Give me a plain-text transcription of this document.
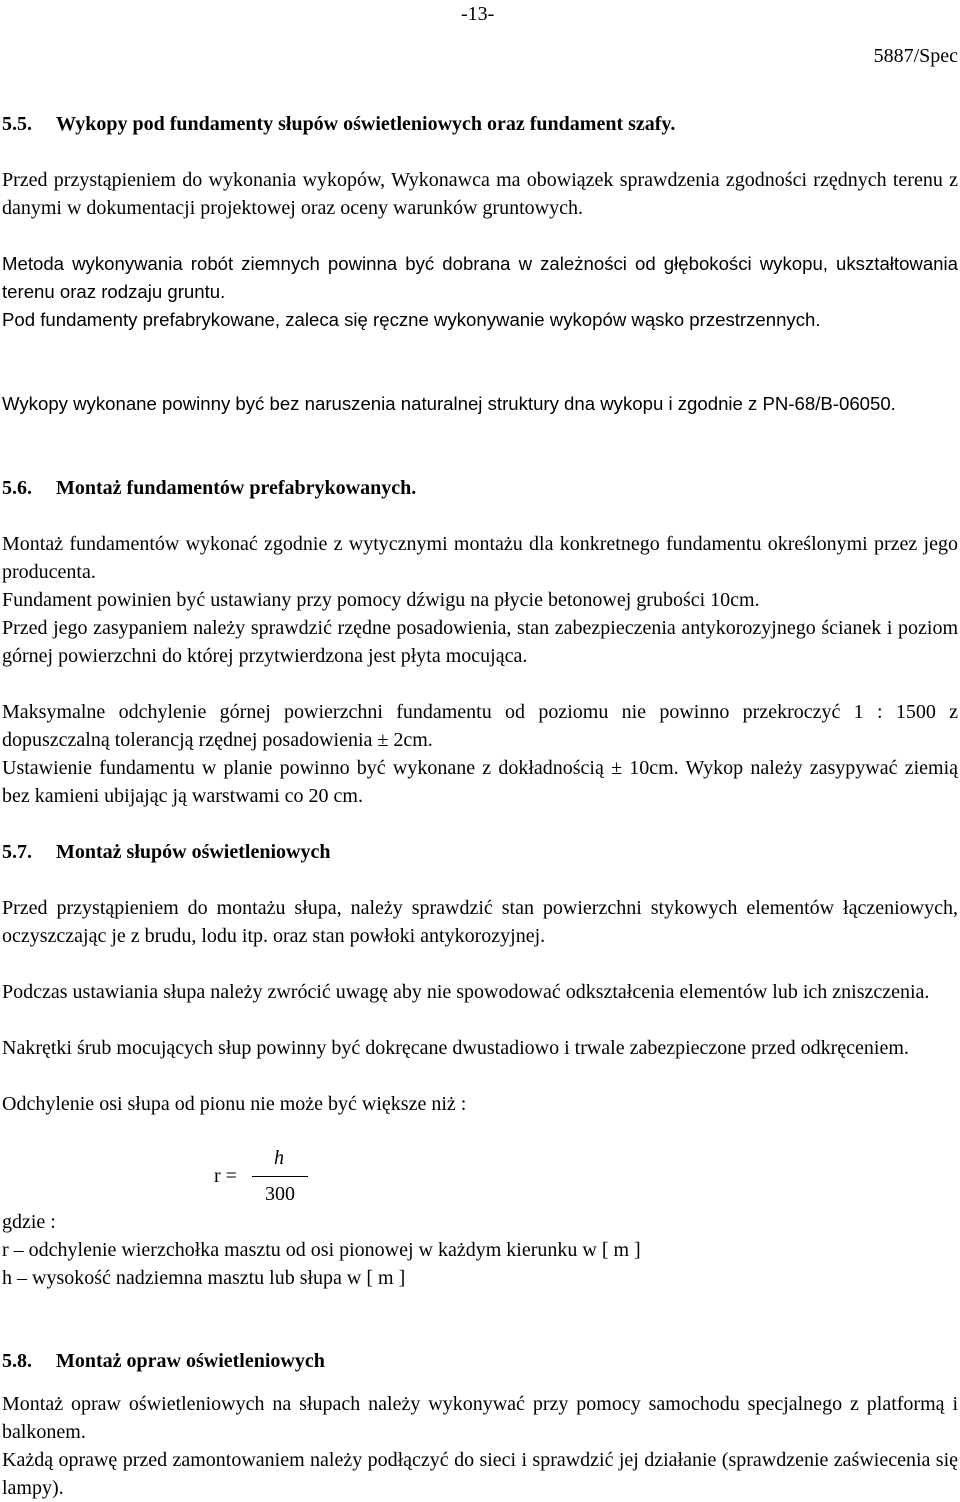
-13-
5887/Spec
5.5. Wykopy pod fundamenty słupów oświetleniowych oraz fundament szafy.
Przed przystąpieniem do wykonania wykopów, Wykonawca ma obowiązek sprawdzenia zgodności rzędnych terenu z danymi w dokumentacji projektowej oraz oceny warunków gruntowych.
Metoda wykonywania robót ziemnych powinna być dobrana w zależności od głębokości wykopu, ukształtowania terenu oraz rodzaju gruntu.
Pod fundamenty prefabrykowane, zaleca się ręczne wykonywanie wykopów wąsko przestrzennych.
Wykopy wykonane powinny być bez naruszenia naturalnej struktury dna wykopu i zgodnie z PN-68/B-06050.
5.6. Montaż fundamentów prefabrykowanych.
Montaż fundamentów wykonać zgodnie z wytycznymi montażu dla konkretnego fundamentu określonymi przez jego producenta.
Fundament powinien być ustawiany przy pomocy dźwigu na płycie betonowej grubości 10cm.
Przed jego zasypaniem należy sprawdzić rzędne posadowienia, stan zabezpieczenia antykorozyjnego ścianek i poziom górnej powierzchni do której przytwierdzona jest płyta mocująca.
Maksymalne odchylenie górnej powierzchni fundamentu od poziomu nie powinno przekroczyć 1 : 1500 z dopuszczalną tolerancją rzędnej posadowienia ± 2cm.
Ustawienie fundamentu w planie powinno być wykonane z dokładnością ± 10cm. Wykop należy zasypywać ziemią bez kamieni ubijając ją warstwami co 20 cm.
5.7. Montaż słupów oświetleniowych
Przed przystąpieniem do montażu słupa, należy sprawdzić stan powierzchni stykowych elementów łączeniowych, oczyszczając je z brudu, lodu itp. oraz stan powłoki antykorozyjnej.
Podczas ustawiania słupa należy zwrócić uwagę aby nie spowodować odkształcenia elementów lub ich zniszczenia.
Nakrętki śrub mocujących słup powinny być dokręcane dwustadiowo i trwale zabezpieczone przed odkręceniem.
Odchylenie osi słupa od pionu nie może być większe niż :
r =
h
300
gdzie :
r – odchylenie wierzchołka masztu od osi pionowej w każdym kierunku w [ m ]
h – wysokość nadziemna masztu lub słupa w [ m ]
5.8. Montaż opraw oświetleniowych
Montaż opraw oświetleniowych na słupach należy wykonywać przy pomocy samochodu specjalnego z platformą i balkonem.
Każdą oprawę przed zamontowaniem należy podłączyć do sieci i sprawdzić jej działanie (sprawdzenie zaświecenia się lampy).
